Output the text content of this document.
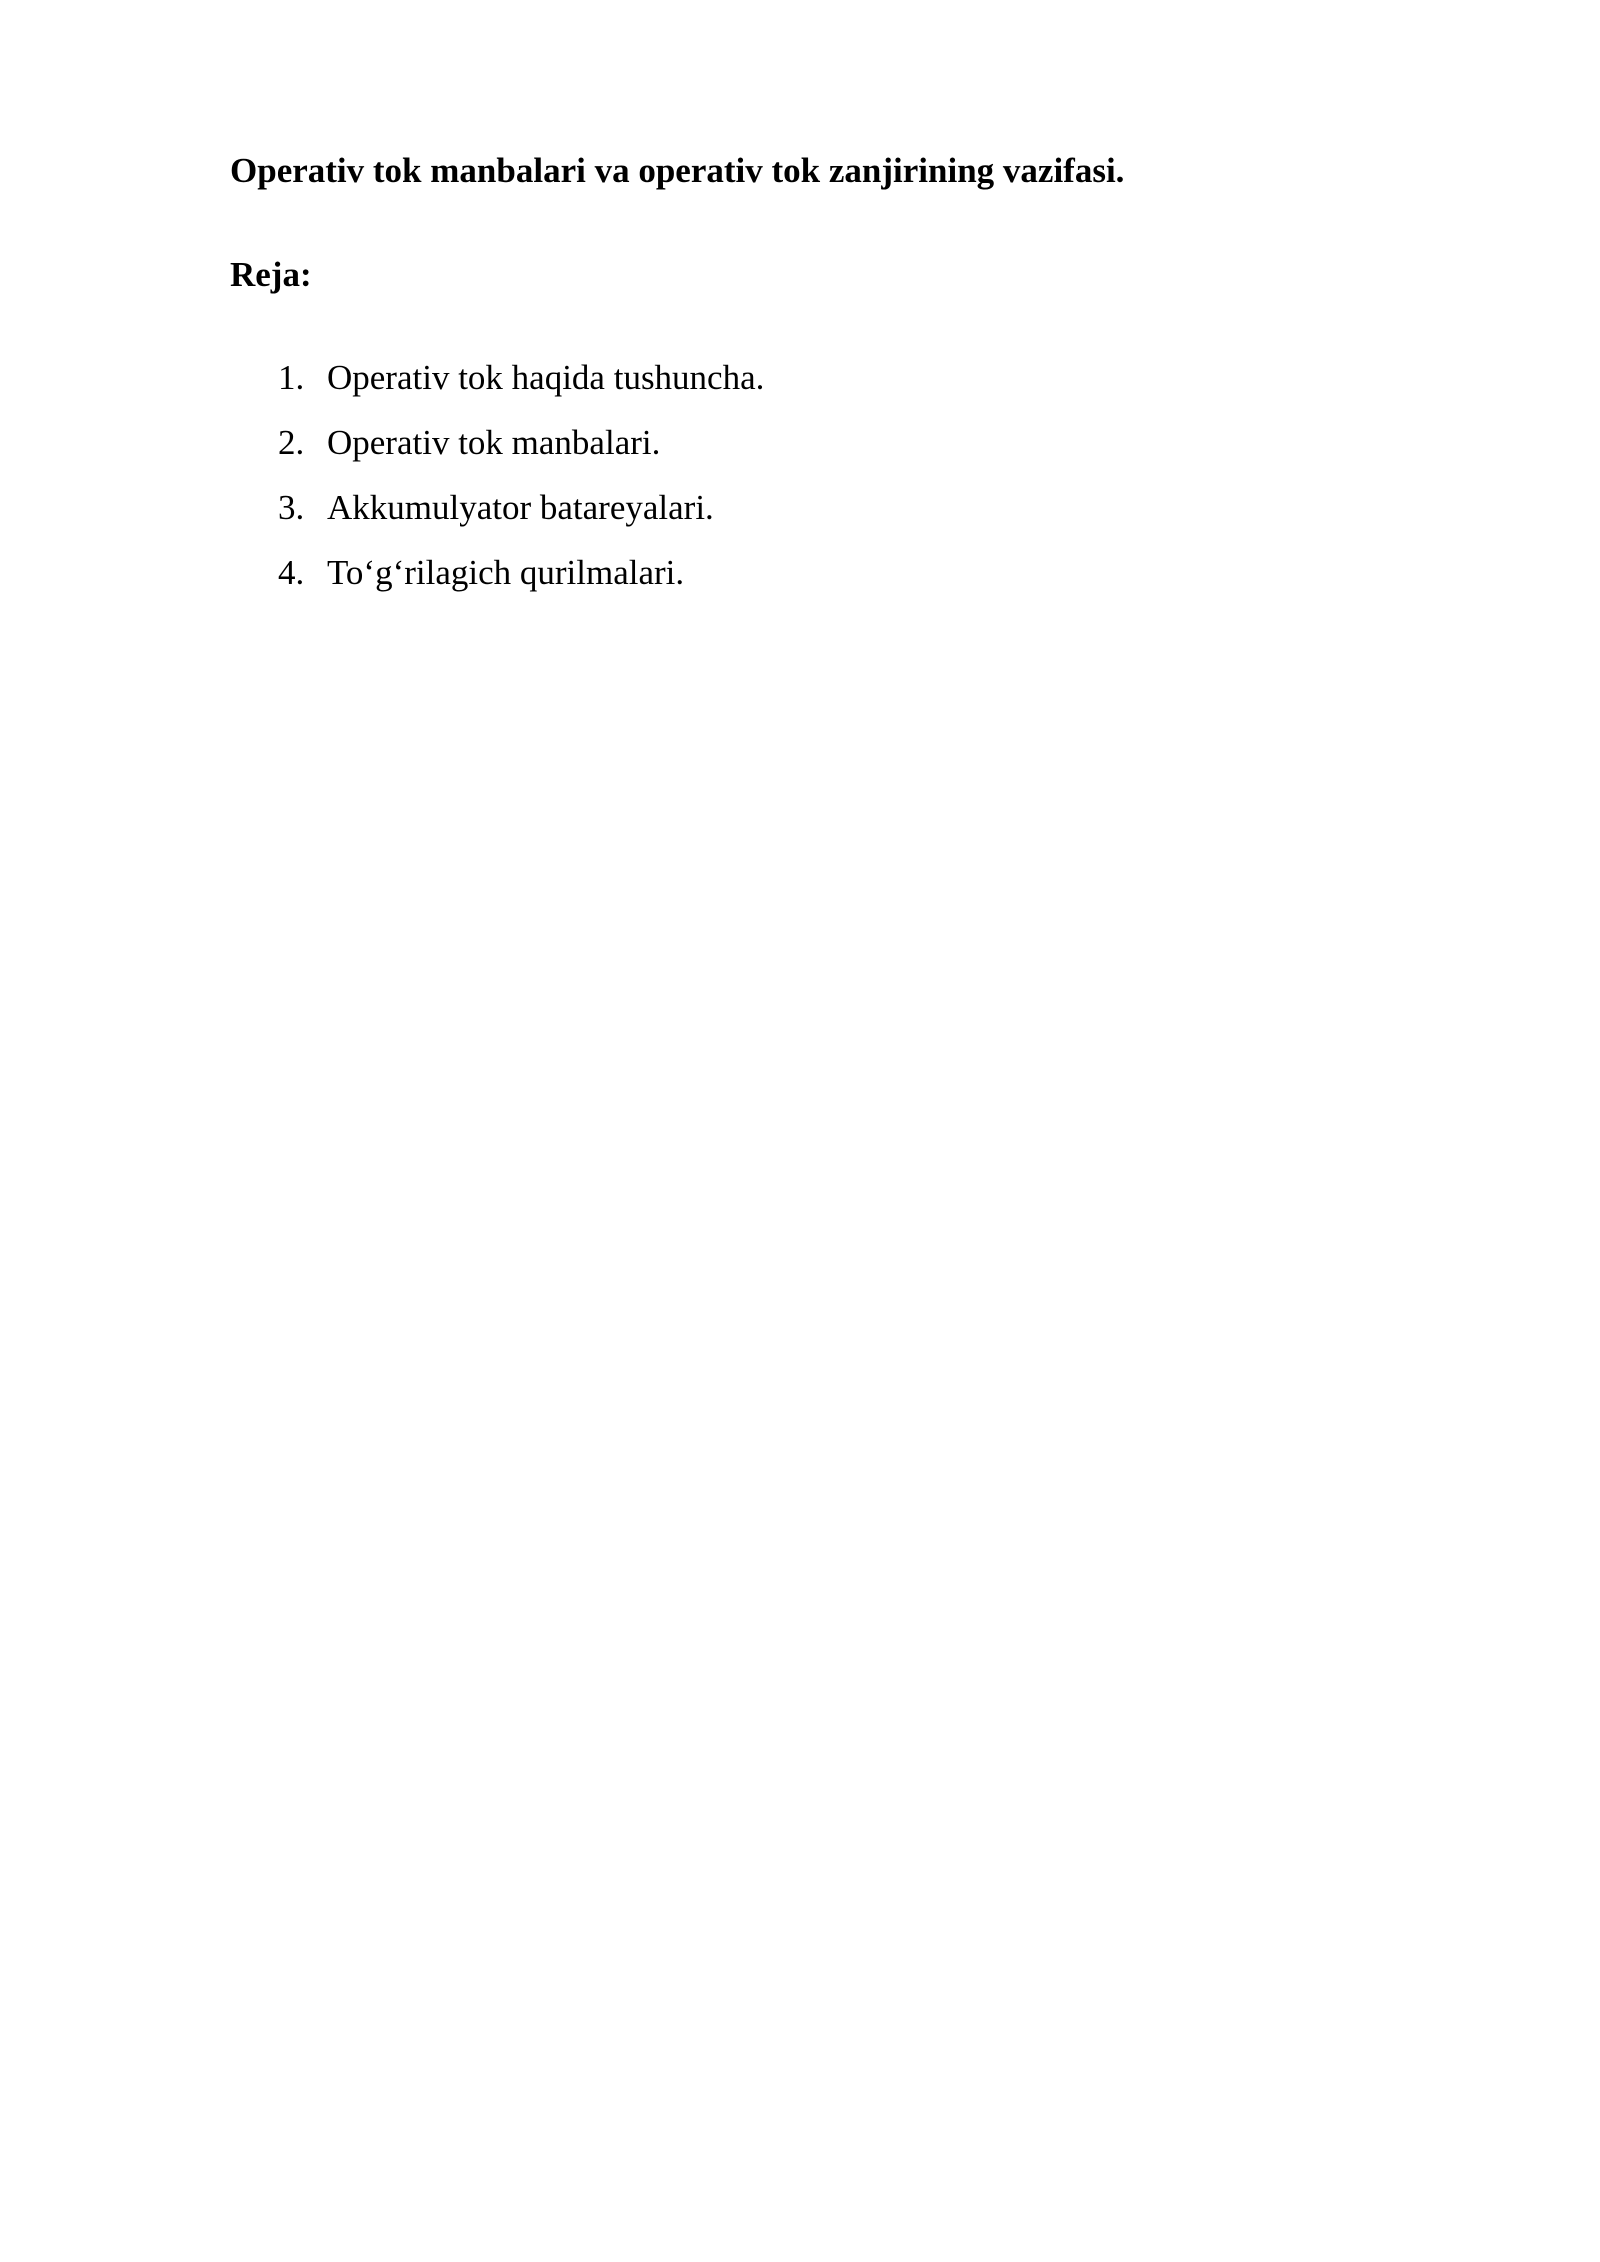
Operativ tok manbalari va operativ tok zanjirining vazifasi.
Reja:
1. Operativ tok haqida tushuncha.
2. Operativ tok manbalari.
3. Akkumulyator batareyalari.
4. To‘g‘rilagich qurilmalari.
